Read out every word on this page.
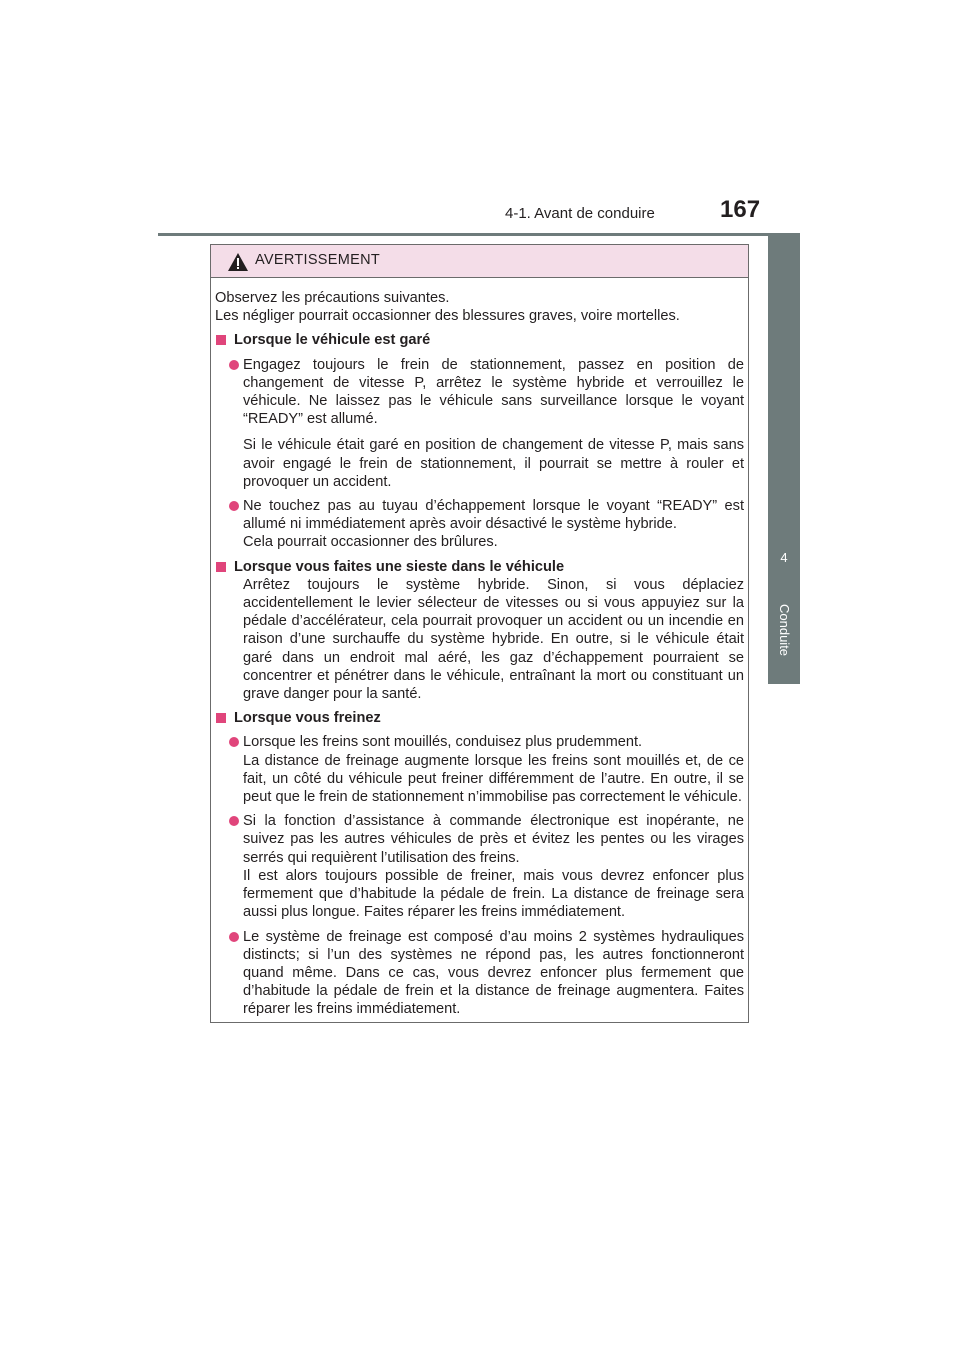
4-1. Avant de conduire	167
4
Conduite
AVERTISSEMENT

Observez les précautions suivantes.

Les négliger pourrait occasionner des blessures graves, voire mortelles.

Lorsque le véhicule est garé

Engagez toujours le frein de stationnement, passez en position de changement de vitesse P, arrêtez le système hybride et verrouillez le véhicule. Ne laissez pas le véhicule sans surveillance lorsque le voyant “READY” est allumé.

Si le véhicule était garé en position de changement de vitesse P, mais sans avoir engagé le frein de stationnement, il pourrait se mettre à rouler et provoquer un accident.

Ne touchez pas au tuyau d’échappement lorsque le voyant “READY” est allumé ni immédiatement après avoir désactivé le système hybride.

Cela pourrait occasionner des brûlures.

Lorsque vous faites une sieste dans le véhicule

Arrêtez toujours le système hybride. Sinon, si vous déplaciez accidentellement le levier sélecteur de vitesses ou si vous appuyiez sur la pédale d’accélérateur, cela pourrait provoquer un accident ou un incendie en raison d’une surchauffe du système hybride. En outre, si le véhicule était garé dans un endroit mal aéré, les gaz d’échappement pourraient se concentrer et pénétrer dans le véhicule, entraînant la mort ou constituant un grave danger pour la santé.

Lorsque vous freinez

Lorsque les freins sont mouillés, conduisez plus prudemment.

La distance de freinage augmente lorsque les freins sont mouillés et, de ce fait, un côté du véhicule peut freiner différemment de l’autre. En outre, il se peut que le frein de stationnement n’immobilise pas correctement le véhicule.

Si la fonction d’assistance à commande électronique est inopérante, ne suivez pas les autres véhicules de près et évitez les pentes ou les virages serrés qui requièrent l’utilisation des freins.

Il est alors toujours possible de freiner, mais vous devrez enfoncer plus fermement que d’habitude la pédale de frein. La distance de freinage sera aussi plus longue. Faites réparer les freins immédiatement.

Le système de freinage est composé d’au moins 2 systèmes hydrauliques distincts; si l’un des systèmes ne répond pas, les autres fonctionneront quand même. Dans ce cas, vous devrez enfoncer plus fermement que d’habitude la pédale de frein et la distance de freinage augmentera. Faites réparer les freins immédiatement.
